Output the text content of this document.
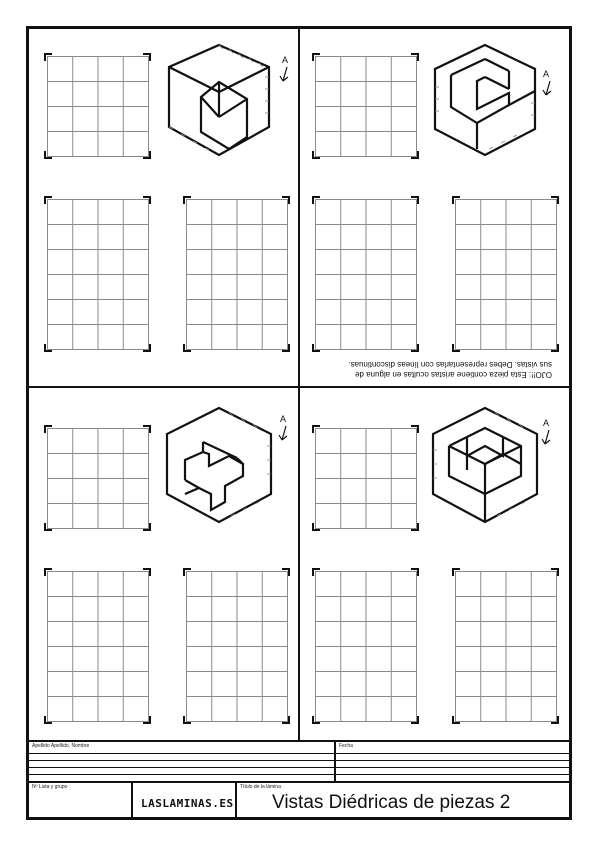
A
A
OJO!!: Esta pieza contiene aristas ocultas en alguna de sus vistas. Debes representarlas con líneas discontinuas.
A	A
Apellido Apellido, Nombre	Fecha
Nº Lista y grupo
LASLAMINAS.ES
Título de la lámina
Vistas Diédricas de piezas 2
